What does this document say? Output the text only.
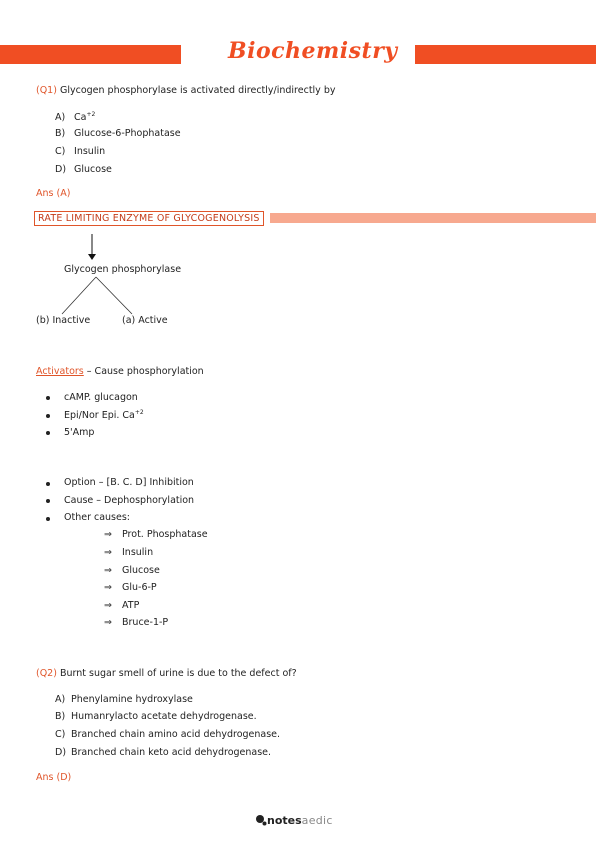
Biochemistry
(Q1) Glycogen phosphorylase is activated directly/indirectly by
A) $Ca^{+2}$
B) Glucose-6-Phophatase
C) Insulin
D) Glucose
Ans (A)
RATE LIMITING ENZYME OF GLYCOGENOLYSIS
Glycogen phosphorylase
(b) Inactive	(a) Active
Activators – Cause phosphorylation
cAMP. glucagon
Epi/Nor Epi. $Ca^{+2}$
5'Amp
Option – [B. C. D] Inhibition
Cause – Dephosphorylation
Other causes:
⇒ Prot. Phosphatase
⇒ Insulin
⇒ Glucose
⇒ Glu-6-P
⇒ ATP
⇒ Bruce-1-P
(Q2) Burnt sugar smell of urine is due to the defect of?
A) Phenylamine hydroxylase
B) Humanrylacto acetate dehydrogenase.
C) Branched chain amino acid dehydrogenase.
D) Branched chain keto acid dehydrogenase.
Ans (D)
notesaedic
